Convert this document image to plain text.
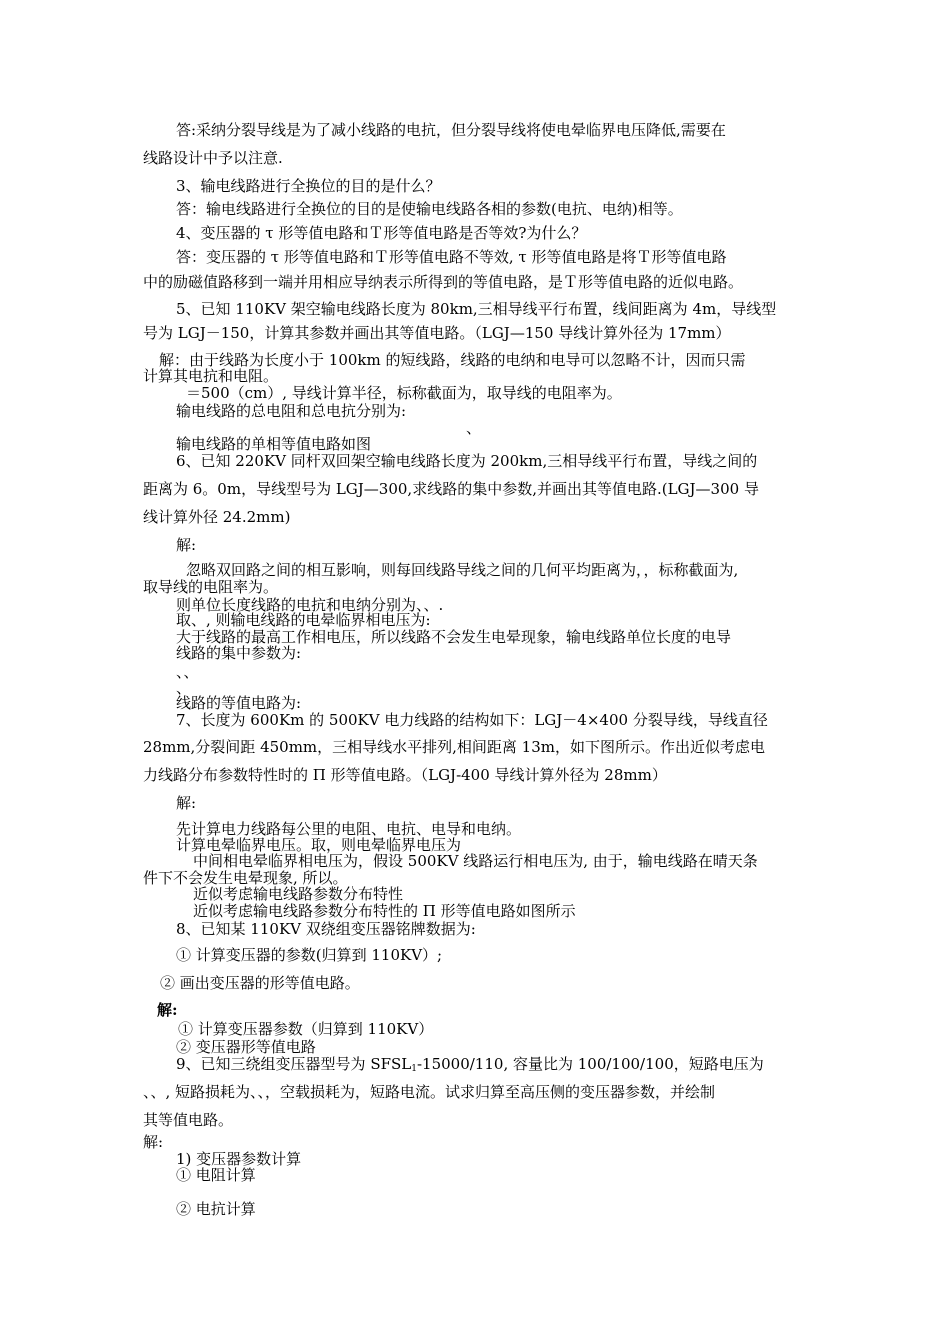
答:采纳分裂导线是为了减小线路的电抗，但分裂导线将使电晕临界电压降低,需要在
线路设计中予以注意.
3、输电线路进行全换位的目的是什么？
答：输电线路进行全换位的目的是使输电线路各相的参数(电抗、电纳)相等。
4、变压器的 τ 形等值电路和Ｔ形等值电路是否等效?为什么？
答：变压器的 τ 形等值电路和Ｔ形等值电路不等效, τ 形等值电路是将Ｔ形等值电路
中的励磁值路移到一端并用相应导纳表示所得到的等值电路，是Ｔ形等值电路的近似电路。
5、已知 110KV 架空输电线路长度为 80km,三相导线平行布置，线间距离为 4m，导线型
号为 LGJ－150，计算其参数并画出其等值电路。（LGJ—150 导线计算外径为 17mm）
解：由于线路为长度小于 100km 的短线路，线路的电纳和电导可以忽略不计，因而只需
计算其电抗和电阻。
＝500（cm）, 导线计算半径，标称截面为，取导线的电阻率为。
输电线路的总电阻和总电抗分别为:
、
输电线路的单相等值电路如图
6、已知 220KV 同杆双回架空输电线路长度为 200km,三相导线平行布置，导线之间的
距离为 6。0m，导线型号为 LGJ—300,求线路的集中参数,并画出其等值电路.(LGJ—300 导
线计算外径 24.2mm)
解:
忽略双回路之间的相互影响，则每回线路导线之间的几何平均距离为，，标称截面为,
取导线的电阻率为。
则单位长度线路的电抗和电纳分别为、、.
取、, 则输电线路的电晕临界相电压为:
大于线路的最高工作相电压，所以线路不会发生电晕现象，输电线路单位长度的电导
线路的集中参数为:
、、
、
线路的等值电路为:
7、长度为 600Km 的 500KV 电力线路的结构如下：LGJ－4×400 分裂导线，导线直径
28mm,分裂间距 450mm，三相导线水平排列,相间距离 13m，如下图所示。作出近似考虑电
力线路分布参数特性时的 Π 形等值电路。（LGJ-400 导线计算外径为 28mm）
解:
先计算电力线路每公里的电阻、电抗、电导和电纳。
计算电晕临界电压。取，则电晕临界电压为
中间相电晕临界相电压为，假设 500KV 线路运行相电压为, 由于，输电线路在晴天条
件下不会发生电晕现象, 所以。
近似考虑输电线路参数分布特性
近似考虑输电线路参数分布特性的 Π 形等值电路如图所示
8、已知某 110KV 双绕组变压器铭牌数据为:
① 计算变压器的参数(归算到 110KV）;
② 画出变压器的形等值电路。
解:
① 计算变压器参数（归算到 110KV）
② 变压器形等值电路
9、已知三绕组变压器型号为 $SFSL_1-15000/110$, 容量比为 100/100/100，短路电压为
、、, 短路损耗为、、，空载损耗为，短路电流。试求归算至高压侧的变压器参数，并绘制
其等值电路。
解:
1) 变压器参数计算
① 电阻计算
② 电抗计算
